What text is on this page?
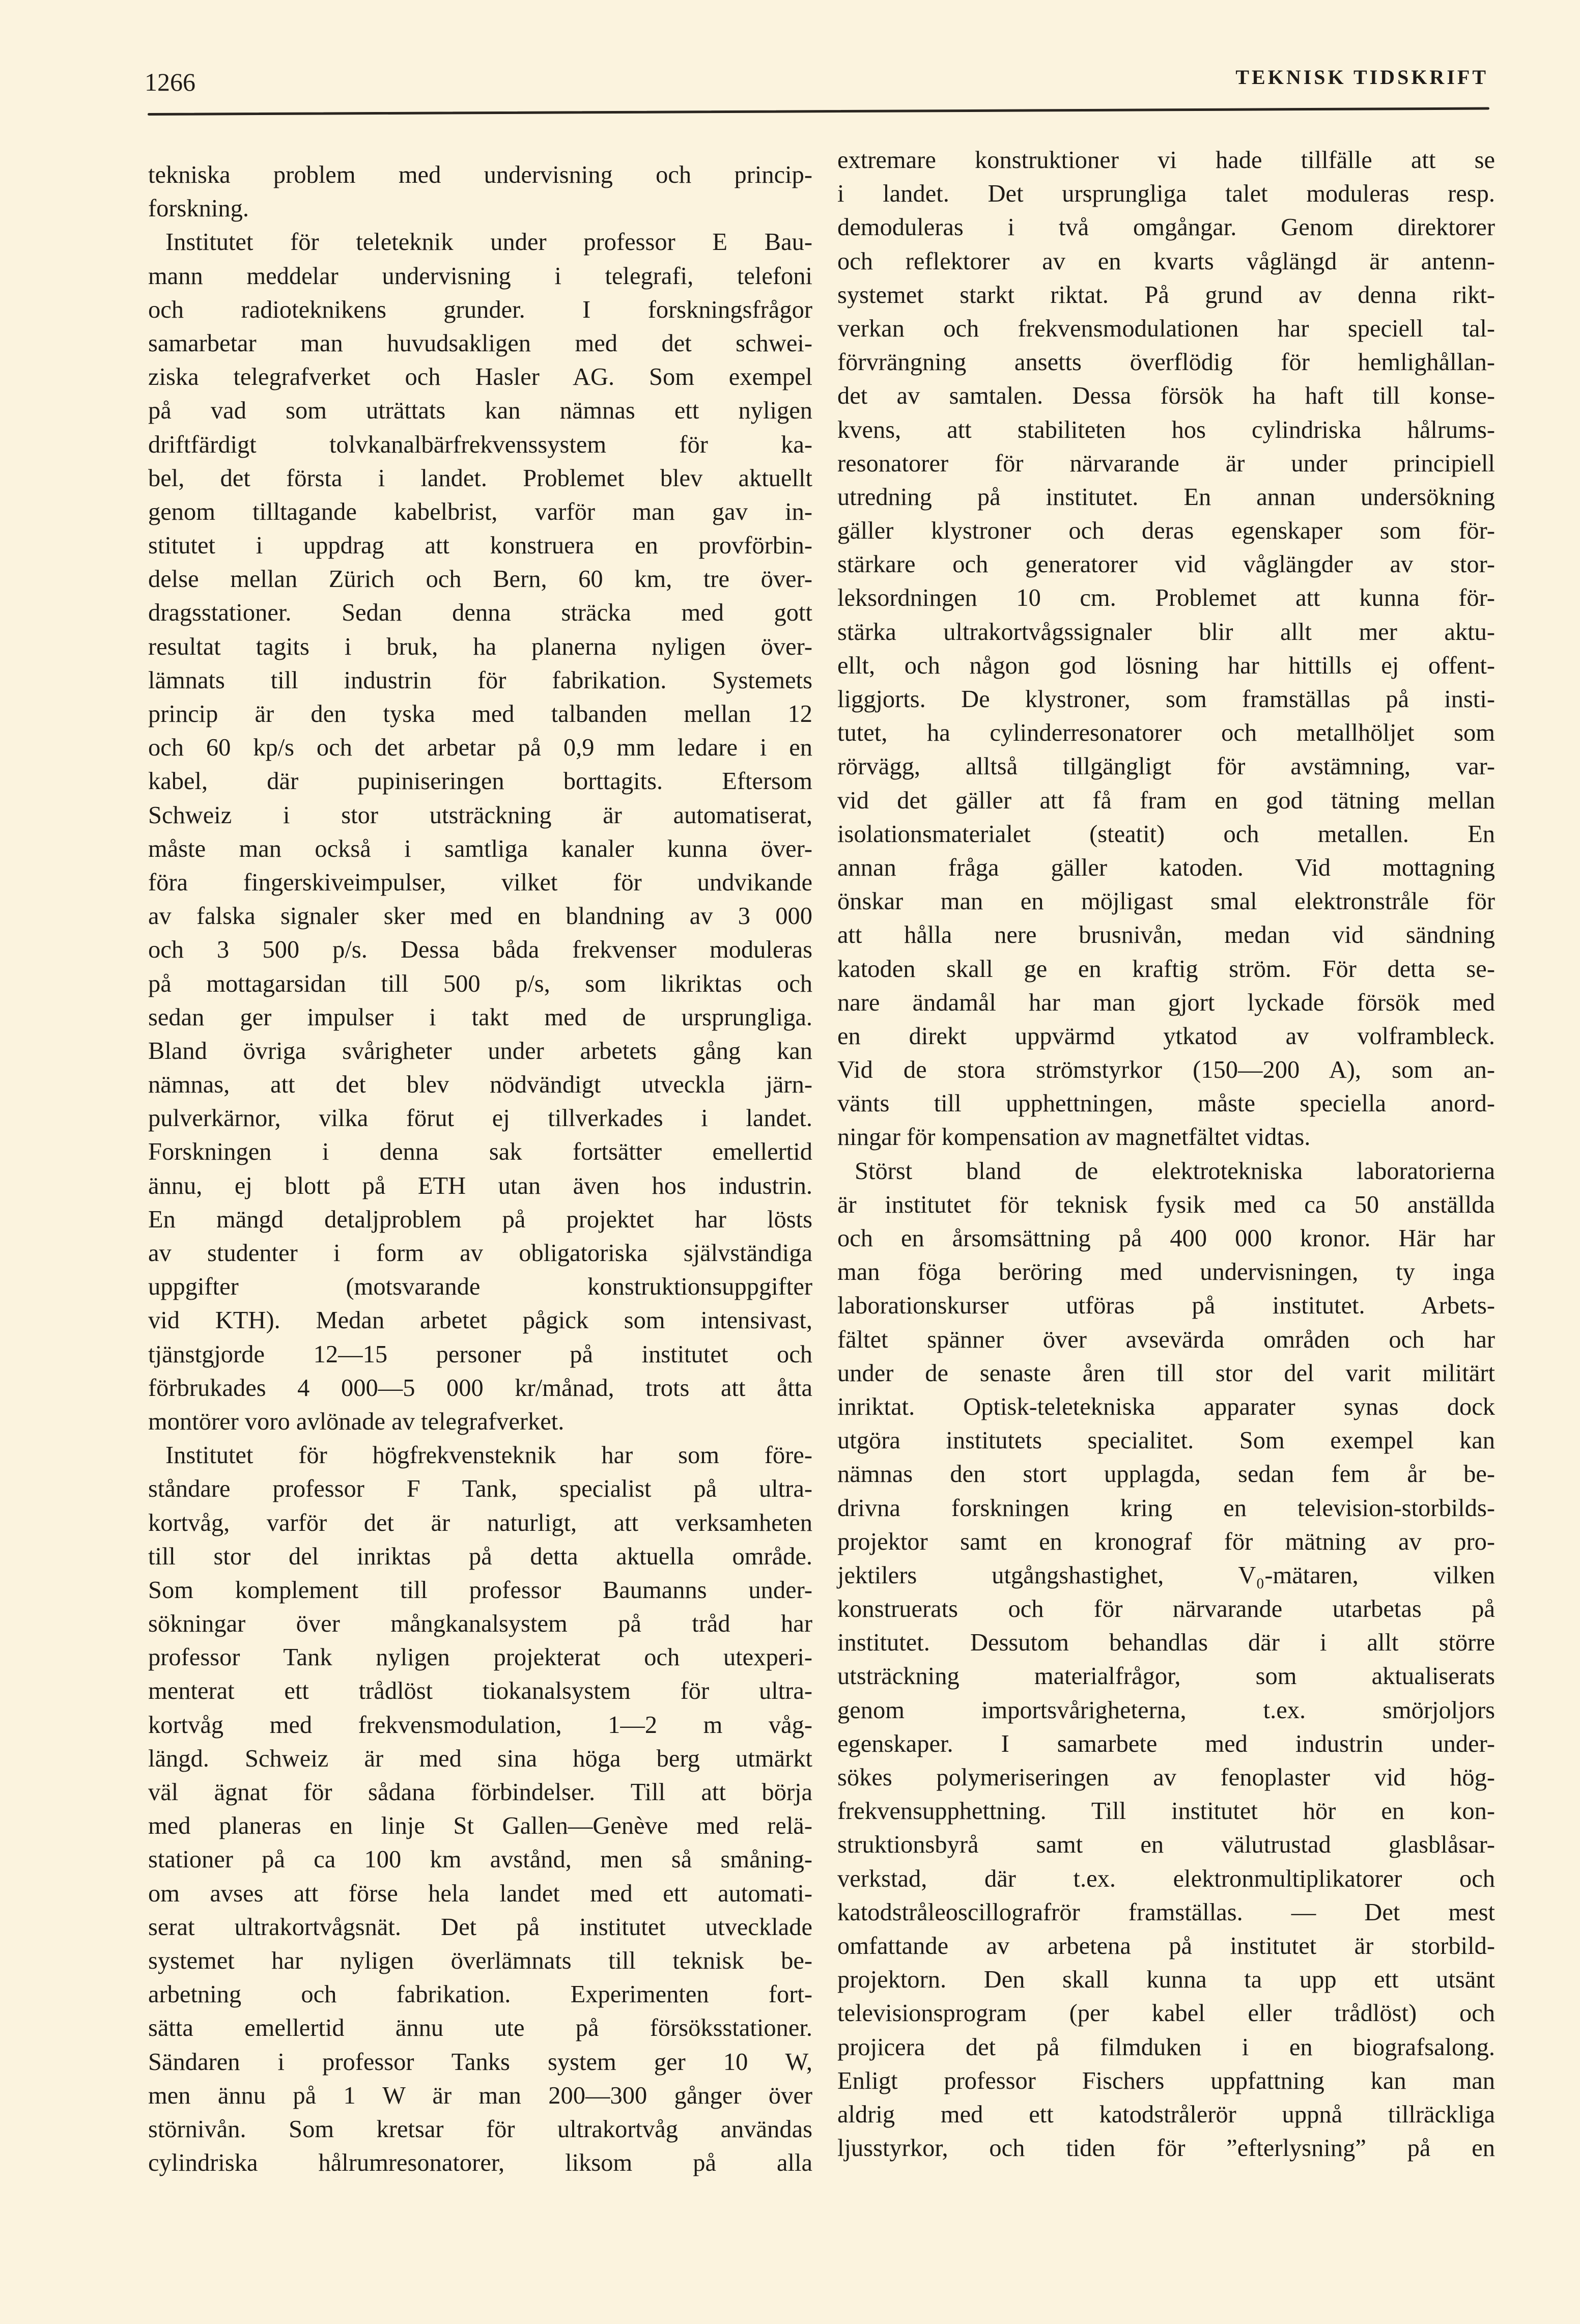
1266	TEKNISK TIDSKRIFT
tekniska problem med undervisning och princip-
forskning.
Institutet för teleteknik under professor E Bau-
mann meddelar undervisning i telegrafi, telefoni
och radioteknikens grunder. I forskningsfrågor
samarbetar man huvudsakligen med det schwei-
ziska telegrafverket och Hasler AG. Som exempel
på vad som uträttats kan nämnas ett nyligen
driftfärdigt tolvkanalbärfrekvenssystem för ka-
bel, det första i landet. Problemet blev aktuellt
genom tilltagande kabelbrist, varför man gav in-
stitutet i uppdrag att konstruera en provförbin-
delse mellan Zürich och Bern, 60 km, tre över-
dragsstationer. Sedan denna sträcka med gott
resultat tagits i bruk, ha planerna nyligen över-
lämnats till industrin för fabrikation. Systemets
princip är den tyska med talbanden mellan 12
och 60 kp/s och det arbetar på 0,9 mm ledare i en
kabel, där pupiniseringen borttagits. Eftersom
Schweiz i stor utsträckning är automatiserat,
måste man också i samtliga kanaler kunna över-
föra fingerskiveimpulser, vilket för undvikande
av falska signaler sker med en blandning av 3 000
och 3 500 p/s. Dessa båda frekvenser moduleras
på mottagarsidan till 500 p/s, som likriktas och
sedan ger impulser i takt med de ursprungliga.
Bland övriga svårigheter under arbetets gång kan
nämnas, att det blev nödvändigt utveckla järn-
pulverkärnor, vilka förut ej tillverkades i landet.
Forskningen i denna sak fortsätter emellertid
ännu, ej blott på ETH utan även hos industrin.
En mängd detaljproblem på projektet har lösts
av studenter i form av obligatoriska självständiga
uppgifter (motsvarande konstruktionsuppgifter
vid KTH). Medan arbetet pågick som intensivast,
tjänstgjorde 12—15 personer på institutet och
förbrukades 4 000—5 000 kr/månad, trots att åtta
montörer voro avlönade av telegrafverket.
Institutet för högfrekvensteknik har som före-
ståndare professor F Tank, specialist på ultra-
kortvåg, varför det är naturligt, att verksamheten
till stor del inriktas på detta aktuella område.
Som komplement till professor Baumanns under-
sökningar över mångkanalsystem på tråd har
professor Tank nyligen projekterat och utexperi-
menterat ett trådlöst tiokanalsystem för ultra-
kortvåg med frekvensmodulation, 1—2 m våg-
längd. Schweiz är med sina höga berg utmärkt
väl ägnat för sådana förbindelser. Till att börja
med planeras en linje St Gallen—Genève med relä-
stationer på ca 100 km avstånd, men så småning-
om avses att förse hela landet med ett automati-
serat ultrakortvågsnät. Det på institutet utvecklade
systemet har nyligen överlämnats till teknisk be-
arbetning och fabrikation. Experimenten fort-
sätta emellertid ännu ute på försöksstationer.
Sändaren i professor Tanks system ger 10 W,
men ännu på 1 W är man 200—300 gånger över
störnivån. Som kretsar för ultrakortvåg användas
cylindriska hålrumresonatorer, liksom på alla
extremare konstruktioner vi hade tillfälle att se
i landet. Det ursprungliga talet moduleras resp.
demoduleras i två omgångar. Genom direktorer
och reflektorer av en kvarts våglängd är antenn-
systemet starkt riktat. På grund av denna rikt-
verkan och frekvensmodulationen har speciell tal-
förvrängning ansetts överflödig för hemlighållan-
det av samtalen. Dessa försök ha haft till konse-
kvens, att stabiliteten hos cylindriska hålrums-
resonatorer för närvarande är under principiell
utredning på institutet. En annan undersökning
gäller klystroner och deras egenskaper som för-
stärkare och generatorer vid våglängder av stor-
leksordningen 10 cm. Problemet att kunna för-
stärka ultrakortvågssignaler blir allt mer aktu-
ellt, och någon god lösning har hittills ej offent-
liggjorts. De klystroner, som framställas på insti-
tutet, ha cylinderresonatorer och metallhöljet som
rörvägg, alltså tillgängligt för avstämning, var-
vid det gäller att få fram en god tätning mellan
isolationsmaterialet (steatit) och metallen. En
annan fråga gäller katoden. Vid mottagning
önskar man en möjligast smal elektronstråle för
att hålla nere brusnivån, medan vid sändning
katoden skall ge en kraftig ström. För detta se-
nare ändamål har man gjort lyckade försök med
en direkt uppvärmd ytkatod av volframbleck.
Vid de stora strömstyrkor (150—200 A), som an-
vänts till upphettningen, måste speciella anord-
ningar för kompensation av magnetfältet vidtas.
Störst bland de elektrotekniska laboratorierna
är institutet för teknisk fysik med ca 50 anställda
och en årsomsättning på 400 000 kronor. Här har
man föga beröring med undervisningen, ty inga
laborationskurser utföras på institutet. Arbets-
fältet spänner över avsevärda områden och har
under de senaste åren till stor del varit militärt
inriktat. Optisk-teletekniska apparater synas dock
utgöra institutets specialitet. Som exempel kan
nämnas den stort upplagda, sedan fem år be-
drivna forskningen kring en television-storbilds-
projektor samt en kronograf för mätning av pro-
jektilers utgångshastighet, V₀-mätaren, vilken
konstruerats och för närvarande utarbetas på
institutet. Dessutom behandlas där i allt större
utsträckning materialfrågor, som aktualiserats
genom importsvårigheterna, t.ex. smörjoljors
egenskaper. I samarbete med industrin under-
sökes polymeriseringen av fenoplaster vid hög-
frekvensupphettning. Till institutet hör en kon-
struktionsbyrå samt en välutrustad glasblåsar-
verkstad, där t.ex. elektronmultiplikatorer och
katodstråleoscillografrör framställas. — Det mest
omfattande av arbetena på institutet är storbild-
projektorn. Den skall kunna ta upp ett utsänt
televisionsprogram (per kabel eller trådlöst) och
projicera det på filmduken i en biografsalong.
Enligt professor Fischers uppfattning kan man
aldrig med ett katodstrålerör uppnå tillräckliga
ljusstyrkor, och tiden för ”efterlysning” på en
